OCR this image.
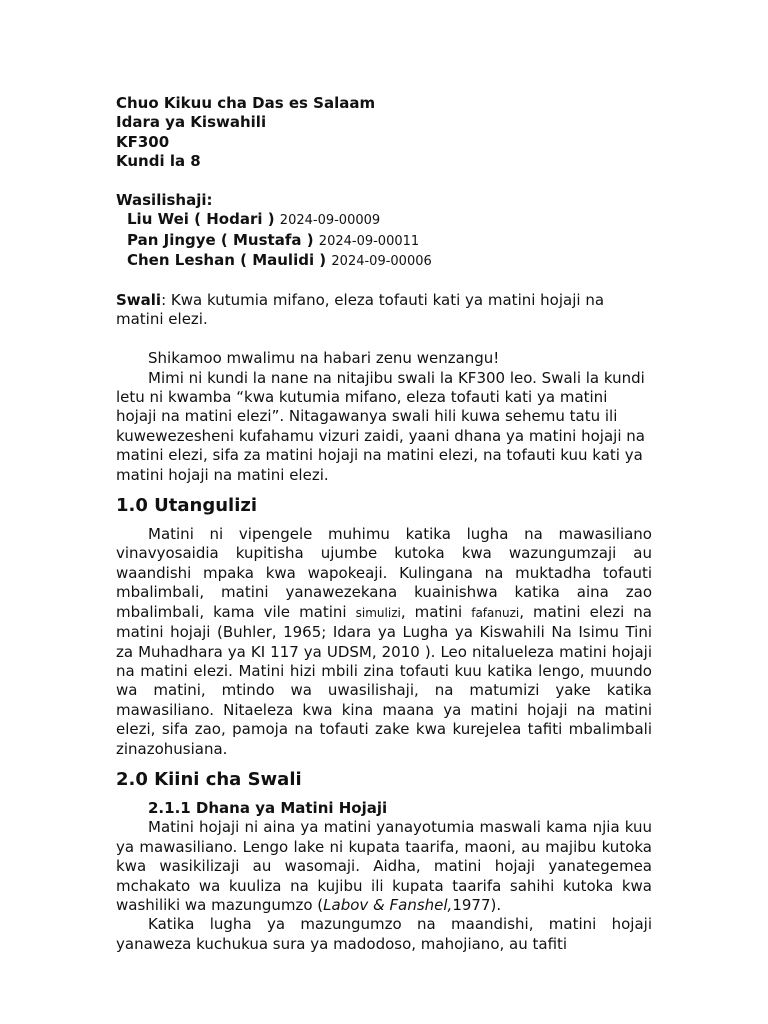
Chuo Kikuu cha Das es Salaam
Idara ya Kiswahili
KF300
Kundi la 8
Wasilishaji:
Liu Wei ( Hodari ) 2024-09-00009
Pan Jingye ( Mustafa ) 2024-09-00011
Chen Leshan ( Maulidi ) 2024-09-00006

Swali: Kwa kutumia mifano, eleza tofauti kati ya matini hojaji na matini elezi.

Shikamoo mwalimu na habari zenu wenzangu!

Mimi ni kundi la nane na nitajibu swali la KF300 leo. Swali la kundi letu ni kwamba “kwa kutumia mifano, eleza tofauti kati ya matini hojaji na matini elezi”. Nitagawanya swali hili kuwa sehemu tatu ili kuwewezesheni kufahamu vizuri zaidi, yaani dhana ya matini hojaji na matini elezi, sifa za matini hojaji na matini elezi, na tofauti kuu kati ya matini hojaji na matini elezi.

1.0 Utangulizi

Matini ni vipengele muhimu katika lugha na mawasiliano vinavyosaidia kupitisha ujumbe kutoka kwa wazungumzaji au waandishi mpaka kwa wapokeaji. Kulingana na muktadha tofauti mbalimbali, matini yanawezekana kuainishwa katika aina zao mbalimbali, kama vile matini simulizi, matini fafanuzi, matini elezi na matini hojaji (Buhler, 1965; Idara ya Lugha ya Kiswahili Na Isimu Tini za Muhadhara ya KI 117 ya UDSM, 2010 ). Leo nitalueleza matini hojaji na matini elezi. Matini hizi mbili zina tofauti kuu katika lengo, muundo wa matini, mtindo wa uwasilishaji, na matumizi yake katika mawasiliano. Nitaeleza kwa kina maana ya matini hojaji na matini elezi, sifa zao, pamoja na tofauti zake kwa kurejelea tafiti mbalimbali zinazohusiana.

2.0 Kiini cha Swali
2.1.1 Dhana ya Matini Hojaji

Matini hojaji ni aina ya matini yanayotumia maswali kama njia kuu ya mawasiliano. Lengo lake ni kupata taarifa, maoni, au majibu kutoka kwa wasikilizaji au wasomaji. Aidha, matini hojaji yanategemea mchakato wa kuuliza na kujibu ili kupata taarifa sahihi kutoka kwa washiliki wa mazungumzo (Labov & Fanshel,1977).

Katika lugha ya mazungumzo na maandishi, matini hojaji yanaweza kuchukua sura ya madodoso, mahojiano, au tafiti
